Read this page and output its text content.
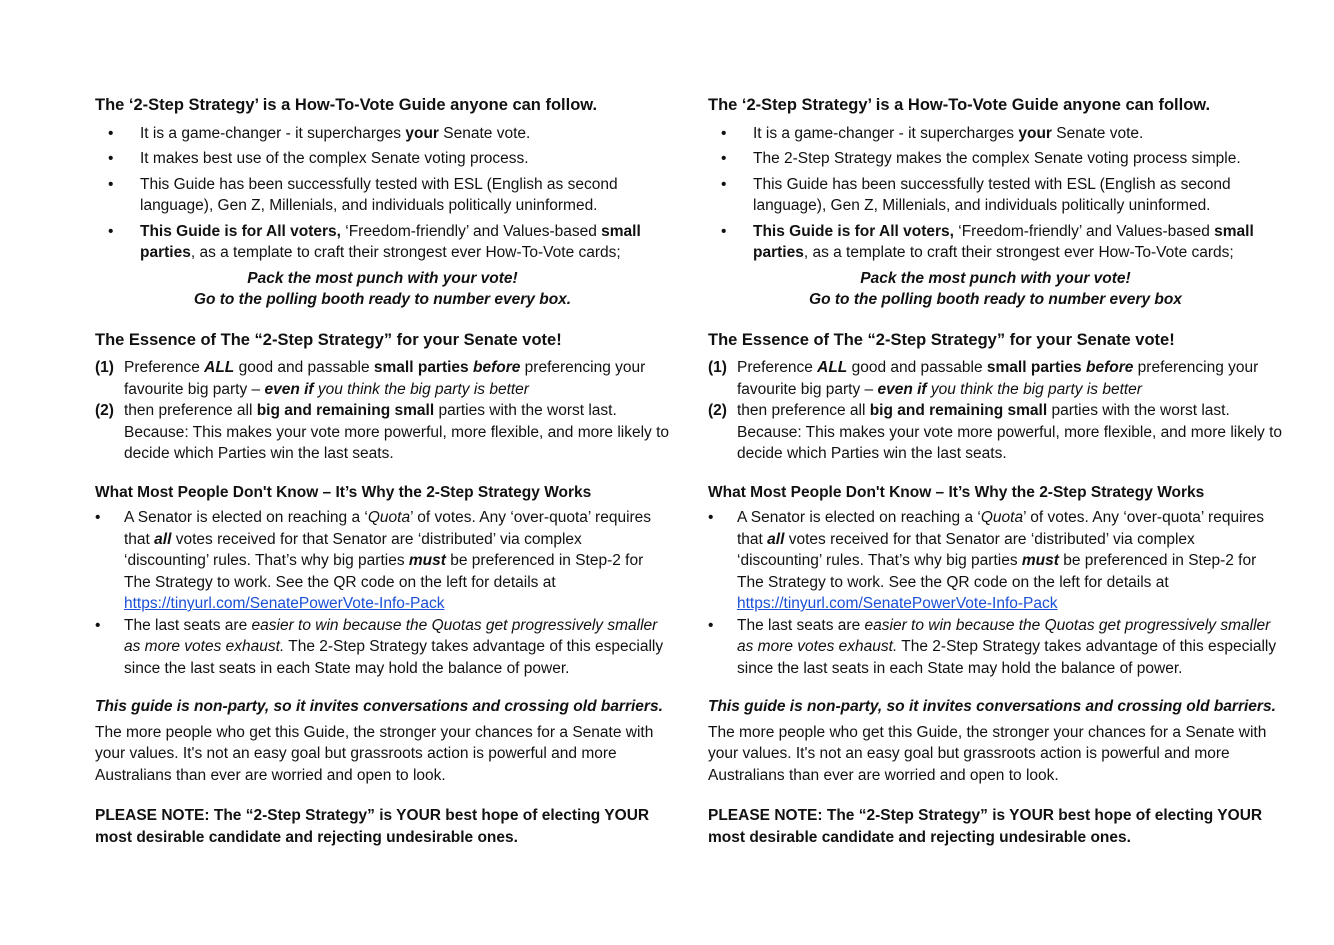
The ‘2-Step Strategy’ is a How-To-Vote Guide anyone can follow.
• It is a game-changer - it supercharges your Senate vote.
• It makes best use of the complex Senate voting process.
• This Guide has been successfully tested with ESL (English as second language), Gen Z, Millenials, and individuals politically uninformed.
• This Guide is for All voters, ‘Freedom-friendly’ and Values-based small parties, as a template to craft their strongest ever How-To-Vote cards;

Pack the most punch with your vote!

Go to the polling booth ready to number every box.

The Essence of The “2-Step Strategy” for your Senate vote!
(1) Preference ALL good and passable small parties before preferencing your favourite big party – even if you think the big party is better
(2) then preference all big and remaining small parties with the worst last. Because: This makes your vote more powerful, more flexible, and more likely to decide which Parties win the last seats.
What Most People Don't Know – It’s Why the 2-Step Strategy Works
• A Senator is elected on reaching a ‘Quota’ of votes. Any ‘over-quota’ requires that all votes received for that Senator are ‘distributed’ via complex ‘discounting’ rules. That’s why big parties must be preferenced in Step-2 for The Strategy to work. See the QR code on the left for details at https://tinyurl.com/SenatePowerVote-Info-Pack
• The last seats are easier to win because the Quotas get progressively smaller as more votes exhaust. The 2-Step Strategy takes advantage of this especially since the last seats in each State may hold the balance of power.

This guide is non-party, so it invites conversations and crossing old barriers.

The more people who get this Guide, the stronger your chances for a Senate with your values. It's not an easy goal but grassroots action is powerful and more Australians than ever are worried and open to look.

PLEASE NOTE: The “2-Step Strategy” is YOUR best hope of electing YOUR most desirable candidate and rejecting undesirable ones.

The ‘2-Step Strategy’ is a How-To-Vote Guide anyone can follow.
• It is a game-changer - it supercharges your Senate vote.
• The 2-Step Strategy makes the complex Senate voting process simple.
• This Guide has been successfully tested with ESL (English as second language), Gen Z, Millenials, and individuals politically uninformed.
• This Guide is for All voters, ‘Freedom-friendly’ and Values-based small parties, as a template to craft their strongest ever How-To-Vote cards;

Pack the most punch with your vote!

Go to the polling booth ready to number every box

The Essence of The “2-Step Strategy” for your Senate vote!
(1) Preference ALL good and passable small parties before preferencing your favourite big party – even if you think the big party is better
(2) then preference all big and remaining small parties with the worst last. Because: This makes your vote more powerful, more flexible, and more likely to decide which Parties win the last seats.
What Most People Don't Know – It’s Why the 2-Step Strategy Works
• A Senator is elected on reaching a ‘Quota’ of votes. Any ‘over-quota’ requires that all votes received for that Senator are ‘distributed’ via complex ‘discounting’ rules. That’s why big parties must be preferenced in Step-2 for The Strategy to work. See the QR code on the left for details at https://tinyurl.com/SenatePowerVote-Info-Pack
• The last seats are easier to win because the Quotas get progressively smaller as more votes exhaust. The 2-Step Strategy takes advantage of this especially since the last seats in each State may hold the balance of power.

This guide is non-party, so it invites conversations and crossing old barriers.

The more people who get this Guide, the stronger your chances for a Senate with your values. It's not an easy goal but grassroots action is powerful and more Australians than ever are worried and open to look.

PLEASE NOTE: The “2-Step Strategy” is YOUR best hope of electing YOUR most desirable candidate and rejecting undesirable ones.
